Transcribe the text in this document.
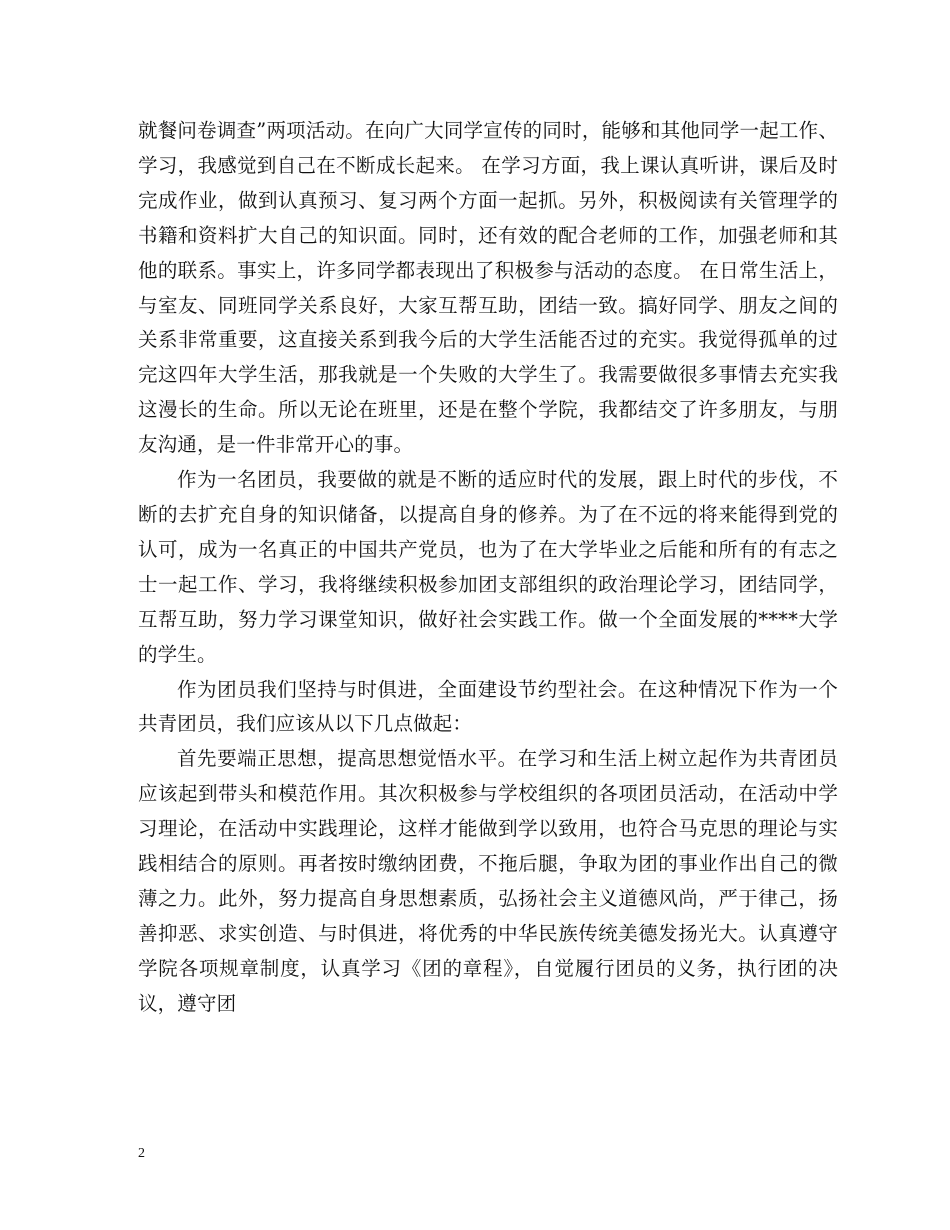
就餐问卷调查”两项活动。在向广大同学宣传的同时，能够和其他同学一起工作、学习，我感觉到自己在不断成长起来。 在学习方面，我上课认真听讲，课后及时完成作业，做到认真预习、复习两个方面一起抓。另外，积极阅读有关管理学的书籍和资料扩大自己的知识面。同时，还有效的配合老师的工作，加强老师和其他的联系。事实上，许多同学都表现出了积极参与活动的态度。 在日常生活上，与室友、同班同学关系良好，大家互帮互助，团结一致。搞好同学、朋友之间的关系非常重要，这直接关系到我今后的大学生活能否过的充实。我觉得孤单的过完这四年大学生活，那我就是一个失败的大学生了。我需要做很多事情去充实我这漫长的生命。所以无论在班里，还是在整个学院，我都结交了许多朋友，与朋友沟通，是一件非常开心的事。

作为一名团员，我要做的就是不断的适应时代的发展，跟上时代的步伐，不断的去扩充自身的知识储备，以提高自身的修养。为了在不远的将来能得到党的认可，成为一名真正的中国共产党员，也为了在大学毕业之后能和所有的有志之士一起工作、学习，我将继续积极参加团支部组织的政治理论学习，团结同学，互帮互助，努力学习课堂知识，做好社会实践工作。做一个全面发展的****大学的学生。

作为团员我们坚持与时俱进，全面建设节约型社会。在这种情况下作为一个共青团员，我们应该从以下几点做起：

首先要端正思想，提高思想觉悟水平。在学习和生活上树立起作为共青团员应该起到带头和模范作用。其次积极参与学校组织的各项团员活动，在活动中学习理论，在活动中实践理论，这样才能做到学以致用，也符合马克思的理论与实践相结合的原则。再者按时缴纳团费，不拖后腿，争取为团的事业作出自己的微薄之力。此外，努力提高自身思想素质，弘扬社会主义道德风尚，严于律己，扬善抑恶、求实创造、与时俱进，将优秀的中华民族传统美德发扬光大。认真遵守学院各项规章制度，认真学习《团的章程》，自觉履行团员的义务，执行团的决议，遵守团

2
